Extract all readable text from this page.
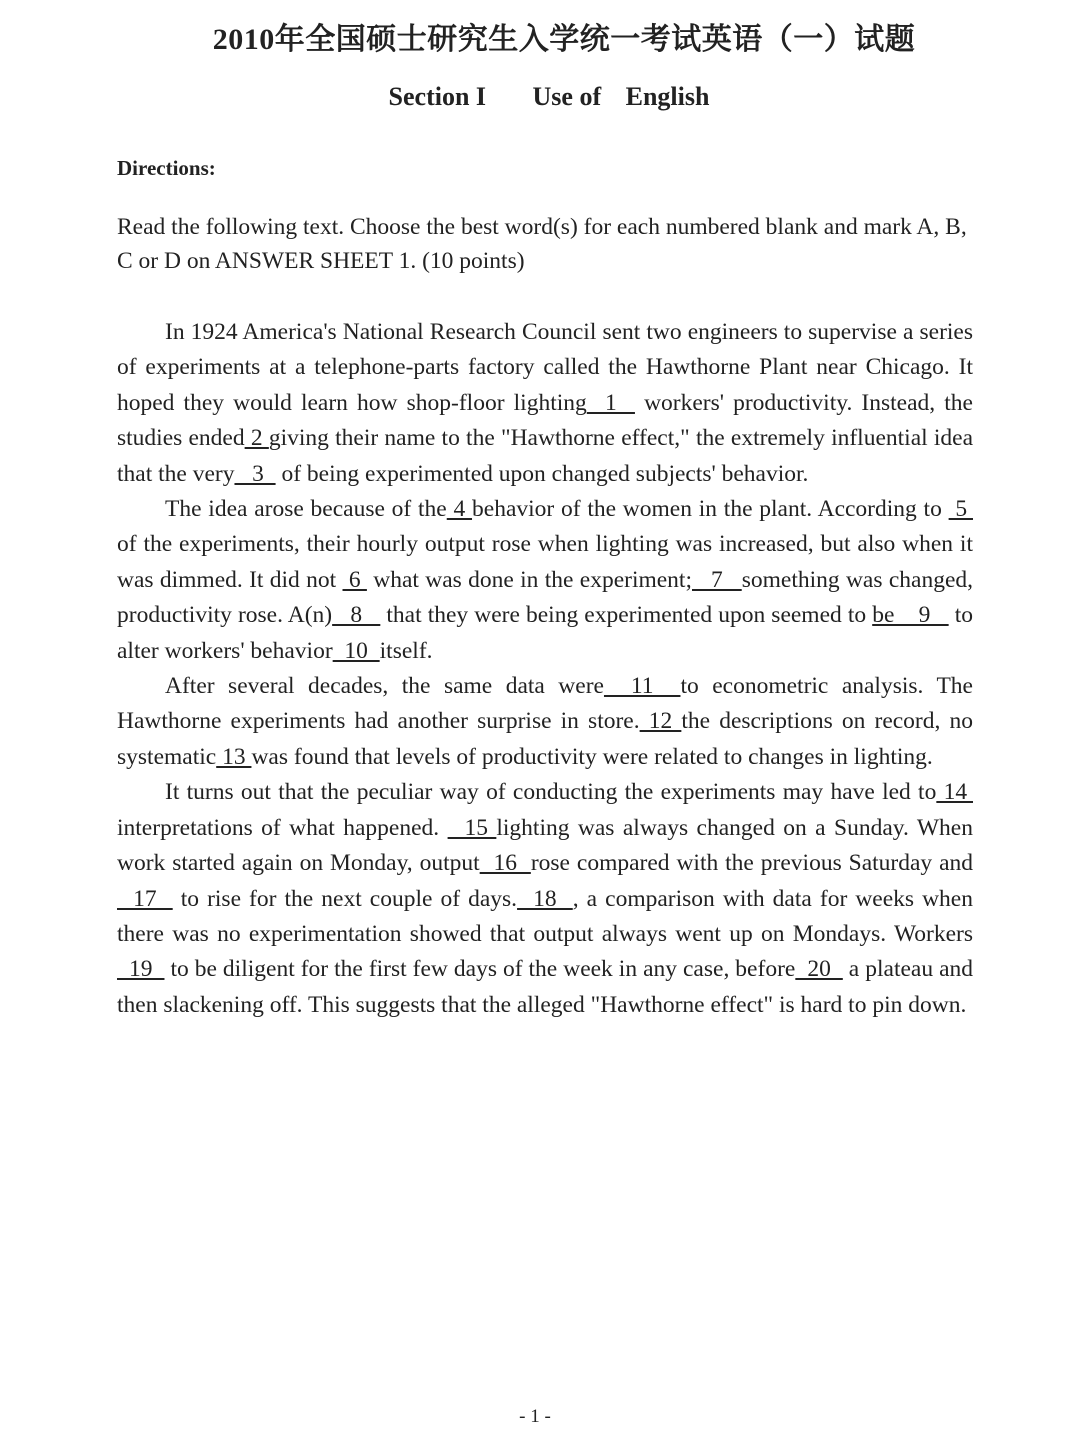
2010年全国硕士研究生入学统一考试英语（一）试题
Section I Use of English
Directions:
Read the following text. Choose the best word(s) for each numbered blank and mark A, B, C or D on ANSWER SHEET 1. (10 points)

In 1924 America's National Research Council sent two engineers to supervise a series of experiments at a telephone-parts factory called the Hawthorne Plant near Chicago. It hoped they would learn how shop-floor lighting  1   workers' productivity. Instead, the studies ended 2 giving their name to the "Hawthorne effect," the extremely influential idea that the very   3   of being experimented upon changed subjects' behavior.

The idea arose because of the 4 behavior of the women in the plant. According to  5  of the experiments, their hourly output rose when lighting was increased, but also when it was dimmed. It did not  6  what was done in the experiment;   7   something was changed, productivity rose. A(n)   8    that they were being experimented upon seemed to be    9    to alter workers' behavior  10  itself.

After several decades, the same data were  11  to econometric analysis. The Hawthorne experiments had another surprise in store. 12 the descriptions on record, no systematic 13 was found that levels of productivity were related to changes in lighting.

It turns out that the peculiar way of conducting the experiments may have led to 14  interpretations of what happened.   15 lighting was always changed on a Sunday. When work started again on Monday, output  16  rose compared with the previous Saturday and  17   to rise for the next couple of days.  18  , a comparison with data for weeks when there was no experimentation showed that output always went up on Mondays. Workers  19   to be diligent for the first few days of the week in any case, before  20   a plateau and then slackening off. This suggests that the alleged "Hawthorne effect" is hard to pin down.

- 1 -
